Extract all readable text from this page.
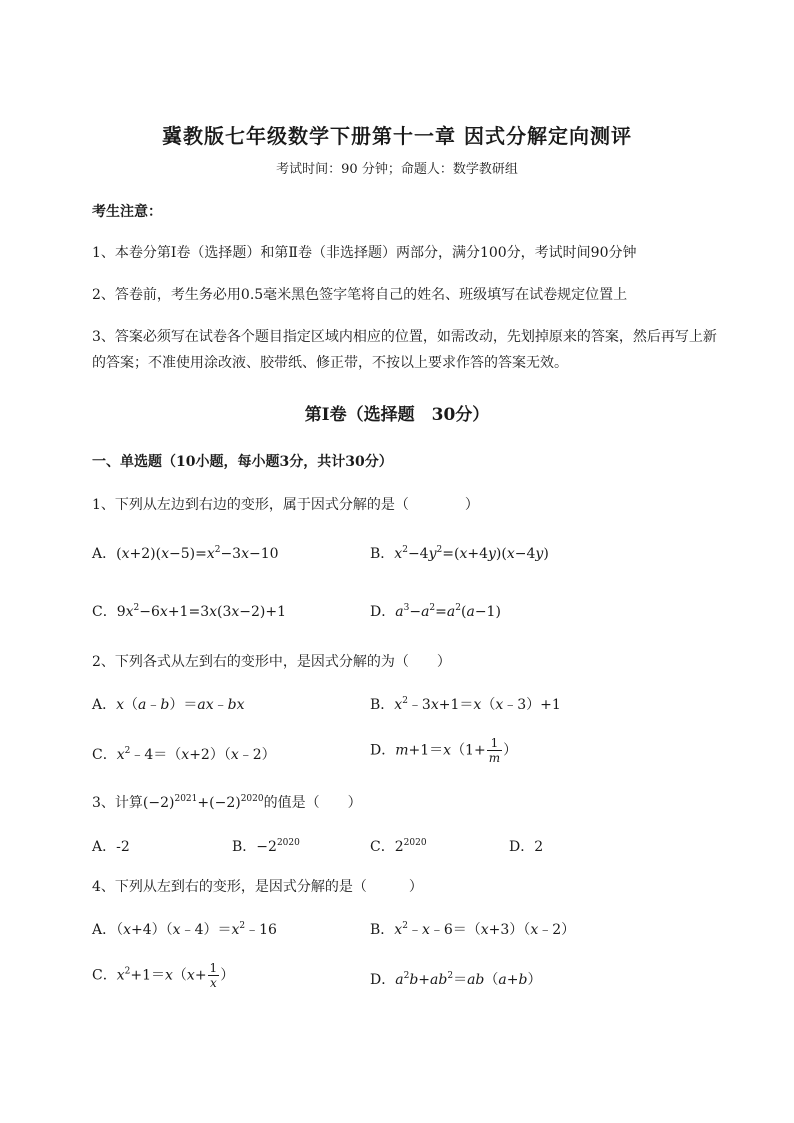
冀教版七年级数学下册第十一章 因式分解定向测评
考试时间：90 分钟；命题人：数学教研组
考生注意：
1、本卷分第Ⅰ卷（选择题）和第Ⅱ卷（非选择题）两部分，满分100分，考试时间90分钟
2、答卷前，考生务必用0.5毫米黑色签字笔将自己的姓名、班级填写在试卷规定位置上
3、答案必须写在试卷各个题目指定区域内相应的位置，如需改动，先划掉原来的答案，然后再写上新
的答案；不准使用涂改液、胶带纸、修正带，不按以上要求作答的答案无效。
第Ⅰ卷（选择题　30分）
一、单选题（10小题，每小题3分，共计30分）
1、下列从左边到右边的变形，属于因式分解的是（　　　　）
A．$(x+2)(x-5)=x^2-3x-10$	B．$x^2-4y^2=(x+4y)(x-4y)$
C．$9x^2-6x+1=3x(3x-2)+1$	D．$a^3-a^2=a^2(a-1)$
2、下列各式从左到右的变形中，是因式分解的为（　　）
A．x（a﹣b）＝ax﹣bx	B．$x^2﹣3x+1=x(x﹣3)+1$
C．$x^2﹣4=(x+2)(x﹣2)$	D．$m+1=x(1+ \frac{1}{m}$ ）
3、计算$(-2)^{2021}+(-2)^{2020}$的值是（　　）
A．-2	B．$-2^{2020}$	C．$2^{2020}$	D．2
4、下列从左到右的变形，是因式分解的是（　　　）
A．$(x+4)(x﹣4)=x^2﹣16$	B．$x^2﹣x﹣6=(x+3)(x﹣2)$
C．$x^2+1=x(x+ \frac{1}{x}$ ）	D．$a^2b+ab^2=ab(a+b)$
